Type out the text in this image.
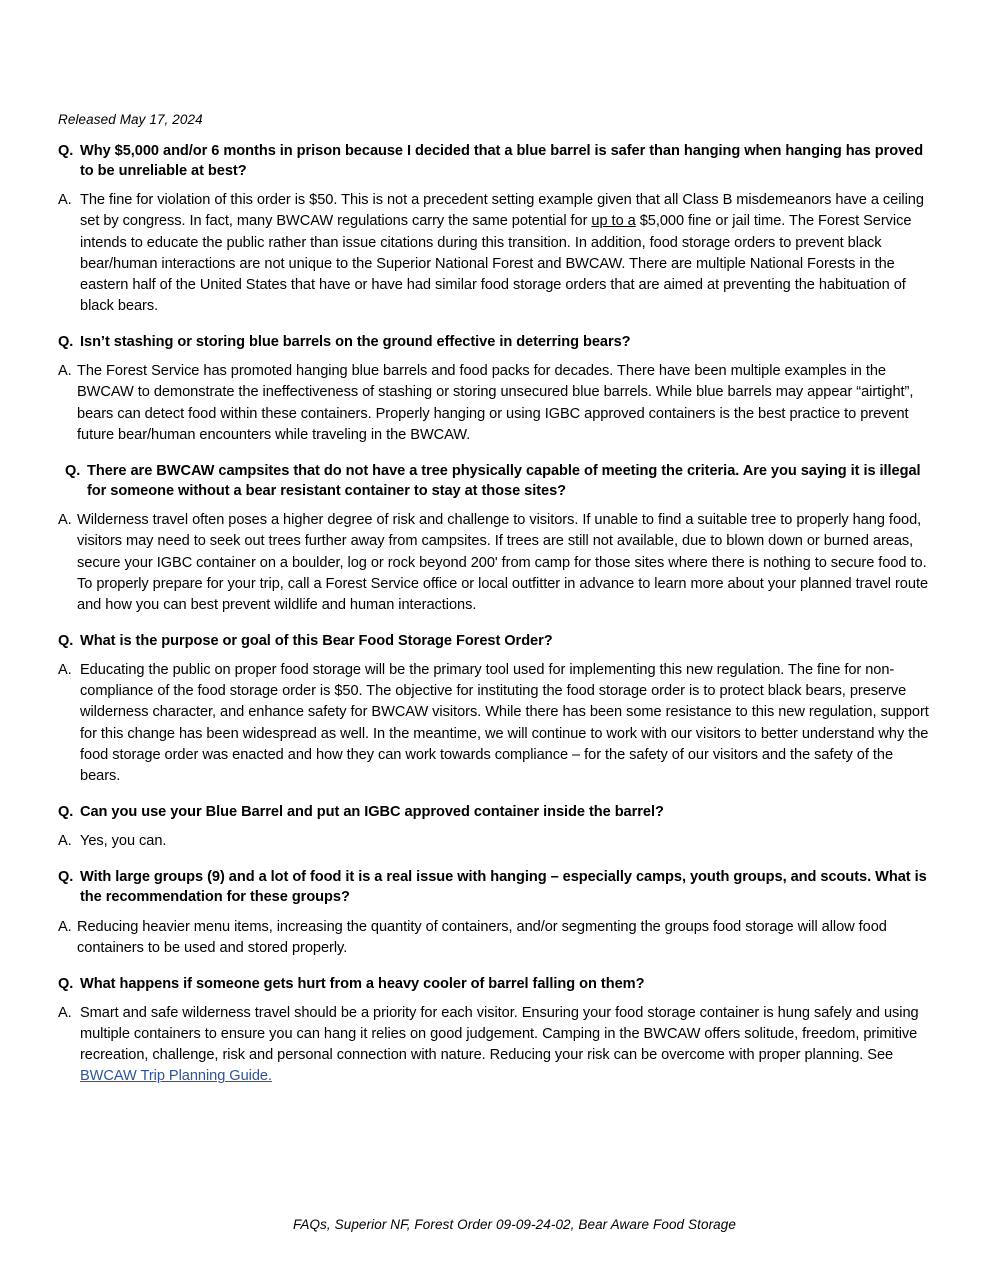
Released May 17, 2024
Q. Why $5,000 and/or 6 months in prison because I decided that a blue barrel is safer than hanging when hanging has proved to be unreliable at best?
A. The fine for violation of this order is $50. This is not a precedent setting example given that all Class B misdemeanors have a ceiling set by congress. In fact, many BWCAW regulations carry the same potential for up to a $5,000 fine or jail time. The Forest Service intends to educate the public rather than issue citations during this transition. In addition, food storage orders to prevent black bear/human interactions are not unique to the Superior National Forest and BWCAW. There are multiple National Forests in the eastern half of the United States that have or have had similar food storage orders that are aimed at preventing the habituation of black bears.
Q. Isn’t stashing or storing blue barrels on the ground effective in deterring bears?
A. The Forest Service has promoted hanging blue barrels and food packs for decades. There have been multiple examples in the BWCAW to demonstrate the ineffectiveness of stashing or storing unsecured blue barrels. While blue barrels may appear “airtight”, bears can detect food within these containers. Properly hanging or using IGBC approved containers is the best practice to prevent future bear/human encounters while traveling in the BWCAW.
Q. There are BWCAW campsites that do not have a tree physically capable of meeting the criteria. Are you saying it is illegal for someone without a bear resistant container to stay at those sites?
A. Wilderness travel often poses a higher degree of risk and challenge to visitors. If unable to find a suitable tree to properly hang food, visitors may need to seek out trees further away from campsites. If trees are still not available, due to blown down or burned areas, secure your IGBC container on a boulder, log or rock beyond 200' from camp for those sites where there is nothing to secure food to. To properly prepare for your trip, call a Forest Service office or local outfitter in advance to learn more about your planned travel route and how you can best prevent wildlife and human interactions.
Q. What is the purpose or goal of this Bear Food Storage Forest Order?
A. Educating the public on proper food storage will be the primary tool used for implementing this new regulation. The fine for non-compliance of the food storage order is $50. The objective for instituting the food storage order is to protect black bears, preserve wilderness character, and enhance safety for BWCAW visitors. While there has been some resistance to this new regulation, support for this change has been widespread as well. In the meantime, we will continue to work with our visitors to better understand why the food storage order was enacted and how they can work towards compliance – for the safety of our visitors and the safety of the bears.
Q. Can you use your Blue Barrel and put an IGBC approved container inside the barrel?
A. Yes, you can.
Q. With large groups (9) and a lot of food it is a real issue with hanging – especially camps, youth groups, and scouts. What is the recommendation for these groups?
A. Reducing heavier menu items, increasing the quantity of containers, and/or segmenting the groups food storage will allow food containers to be used and stored properly.
Q. What happens if someone gets hurt from a heavy cooler of barrel falling on them?
A. Smart and safe wilderness travel should be a priority for each visitor. Ensuring your food storage container is hung safely and using multiple containers to ensure you can hang it relies on good judgement. Camping in the BWCAW offers solitude, freedom, primitive recreation, challenge, risk and personal connection with nature. Reducing your risk can be overcome with proper planning. See BWCAW Trip Planning Guide.
FAQs, Superior NF, Forest Order 09-09-24-02, Bear Aware Food Storage
